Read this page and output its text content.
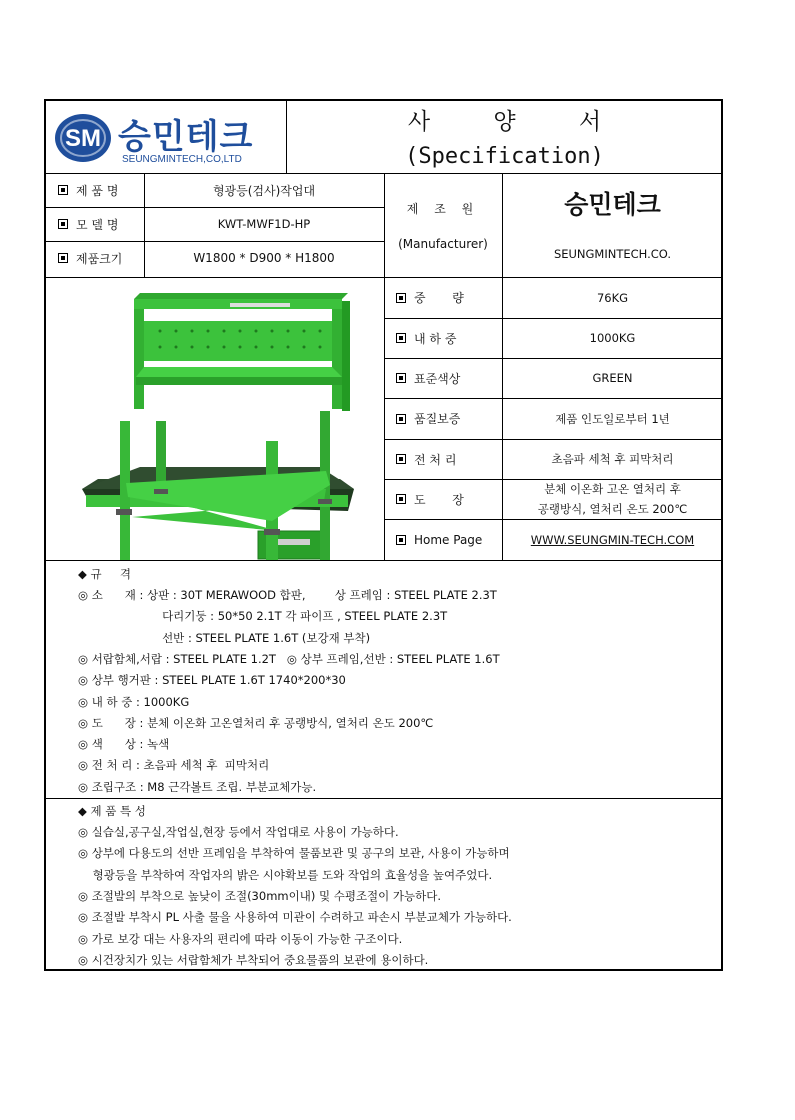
SM 승민테크
SEUNGMINTECH,CO,LTD
사 양 서
(Specification)
제 품 명	형광등(검사)작업대
모 델 명	KWT-MWF1D-HP
제품크기	W1800 * D900 * H1800
제 조 원
(Manufacturer)
승민테크
SEUNGMINTECH.CO.
중       량	76KG
내 하 중	1000KG
표준색상	GREEN
품질보증	제품 인도일로부터 1년
전 처 리	초음파 세척 후 피막처리
도       장
분체 이온화 고온 열처리 후
공랭방식, 열처리 온도 200℃
Home Page	WWW.SEUNGMIN-TECH.COM
◆ 규     격
◎ 소      재 : 상판 : 30T MERAWOOD 합판,        상 프레임 : STEEL PLATE 2.3T
다리기둥 : 50*50 2.1T 각 파이프 , STEEL PLATE 2.3T
선반 : STEEL PLATE 1.6T (보강재 부착)
◎ 서랍함체,서랍 : STEEL PLATE 1.2T   ◎ 상부 프레임,선반 : STEEL PLATE 1.6T
◎ 상부 행거판 : STEEL PLATE 1.6T 1740*200*30
◎ 내 하 중 : 1000KG
◎ 도      장 : 분체 이온화 고온열처리 후 공랭방식, 열처리 온도 200℃
◎ 색      상 : 녹색
◎ 전 처 리 : 초음파 세척 후  피막처리
◎ 조립구조 : M8 근각볼트 조립. 부분교체가능.
◆ 제 품 특 성
◎ 실습실,공구실,작업실,현장 등에서 작업대로 사용이 가능하다.
◎ 상부에 다용도의 선반 프레임을 부착하여 물품보관 및 공구의 보관, 사용이 가능하며
형광등을 부착하여 작업자의 밝은 시야확보를 도와 작업의 효율성을 높여주었다.
◎ 조절발의 부착으로 높낮이 조절(30mm이내) 및 수평조절이 가능하다.
◎ 조절발 부착시 PL 사출 물을 사용하여 미관이 수려하고 파손시 부분교체가 가능하다.
◎ 가로 보강 대는 사용자의 편리에 따라 이동이 가능한 구조이다.
◎ 시건장치가 있는 서랍함체가 부착되어 중요물품의 보관에 용이하다.
